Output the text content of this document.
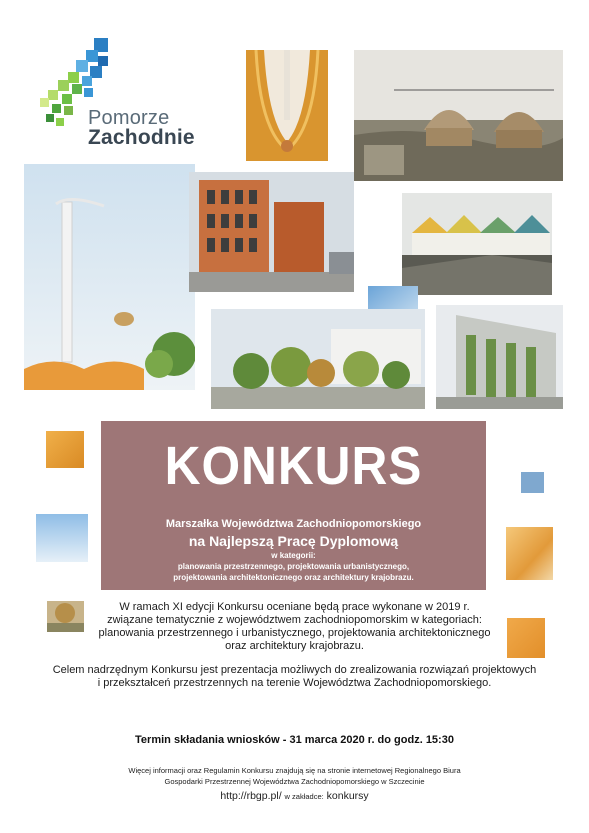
Pomorze
Zachodnie
KONKURS
Marszałka Województwa Zachodniopomorskiego
na Najlepszą Pracę Dyplomową
w kategorii:
planowania przestrzennego, projektowania urbanistycznego,
projektowania architektonicznego oraz architektury krajobrazu.
W ramach XI edycji Konkursu oceniane będą prace wykonane w 2019 r.
związane tematycznie z województwem zachodniopomorskim w kategoriach:
planowania przestrzennego i urbanistycznego, projektowania architektonicznego
oraz architektury krajobrazu.
Celem nadrzędnym Konkursu jest prezentacja możliwych do zrealizowania rozwiązań projektowych
i przekształceń przestrzennych na terenie Województwa Zachodniopomorskiego.
Termin składania wniosków - 31 marca 2020 r. do godz. 15:30
Więcej informacji oraz Regulamin Konkursu znajdują się na stronie internetowej Regionalnego Biura
Gospodarki Przestrzennej Województwa Zachodniopomorskiego w Szczecinie
http://rbgp.pl/ w zakładce: konkursy
